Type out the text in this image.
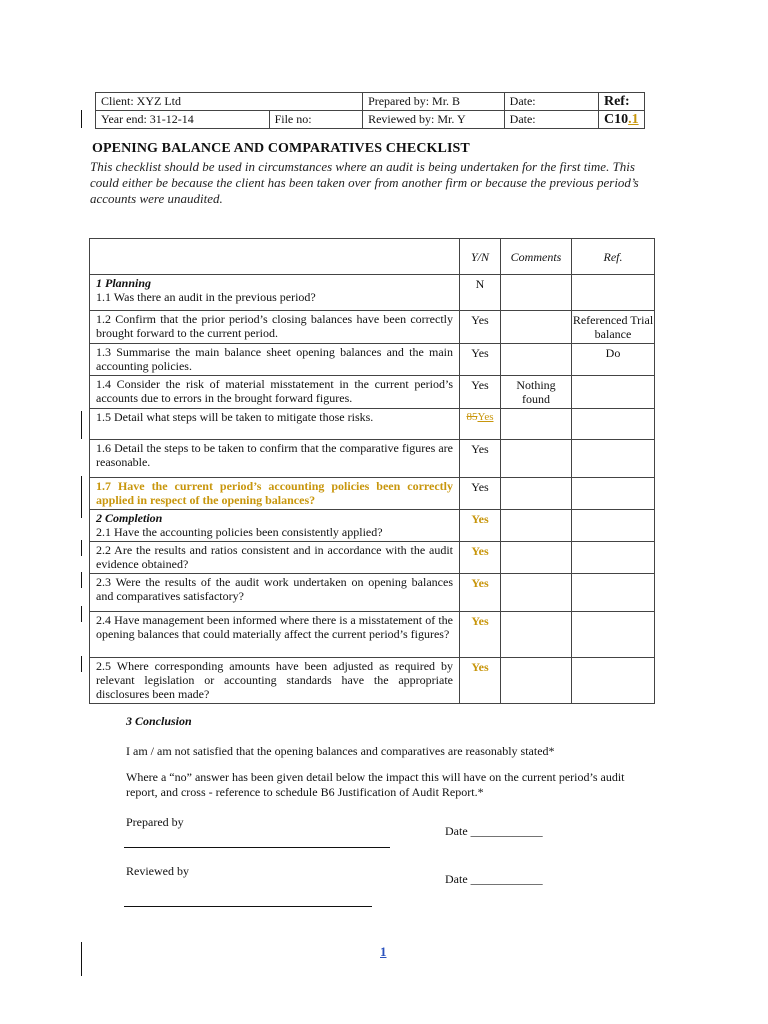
Client: XYZ Ltd		Prepared by: Mr. B	Date:	Ref:
Year end: 31-12-14	File no:	Reviewed by: Mr. Y	Date:	C10.1
OPENING BALANCE AND COMPARATIVES CHECKLIST
This checklist should be used in circumstances where an audit is being undertaken for the first time. This could either be because the client has been taken over from another firm or because the previous period’s accounts were unaudited.
	Y/N	Comments	Ref.

1 Planning
1.1 Was there an audit in the previous period?	N		
1.2 Confirm that the prior period’s closing balances have been correctly brought forward to the current period.	Yes		Referenced Trial balance
1.3 Summarise the main balance sheet opening balances and the main accounting policies.	Yes		Do
1.4 Consider the risk of material misstatement in the current period’s accounts due to errors in the brought forward figures.	Yes	Nothing found	
1.5 Detail what steps will be taken to mitigate those risks.	85Yes		
1.6 Detail the steps to be taken to confirm that the comparative figures are reasonable.	Yes		
1.7 Have the current period’s accounting policies been correctly applied in respect of the opening balances?	Yes		

2 Completion
2.1 Have the accounting policies been consistently applied?	Yes		
2.2 Are the results and ratios consistent and in accordance with the audit evidence obtained?	Yes		
2.3 Were the results of the audit work undertaken on opening balances and comparatives satisfactory?	Yes		
2.4 Have management been informed where there is a misstatement of the opening balances that could materially affect the current period’s figures?	Yes		
2.5 Where corresponding amounts have been adjusted as required by relevant legislation or accounting standards have the appropriate disclosures been made?	Yes		
3 Conclusion
I am / am not satisfied that the opening balances and comparatives are reasonably stated*
Where a “no” answer has been given detail below the impact this will have on the current period’s audit report, and cross - reference to schedule B6 Justification of Audit Report.*
Prepared by
Date ____________
Reviewed by
Date ____________
1
